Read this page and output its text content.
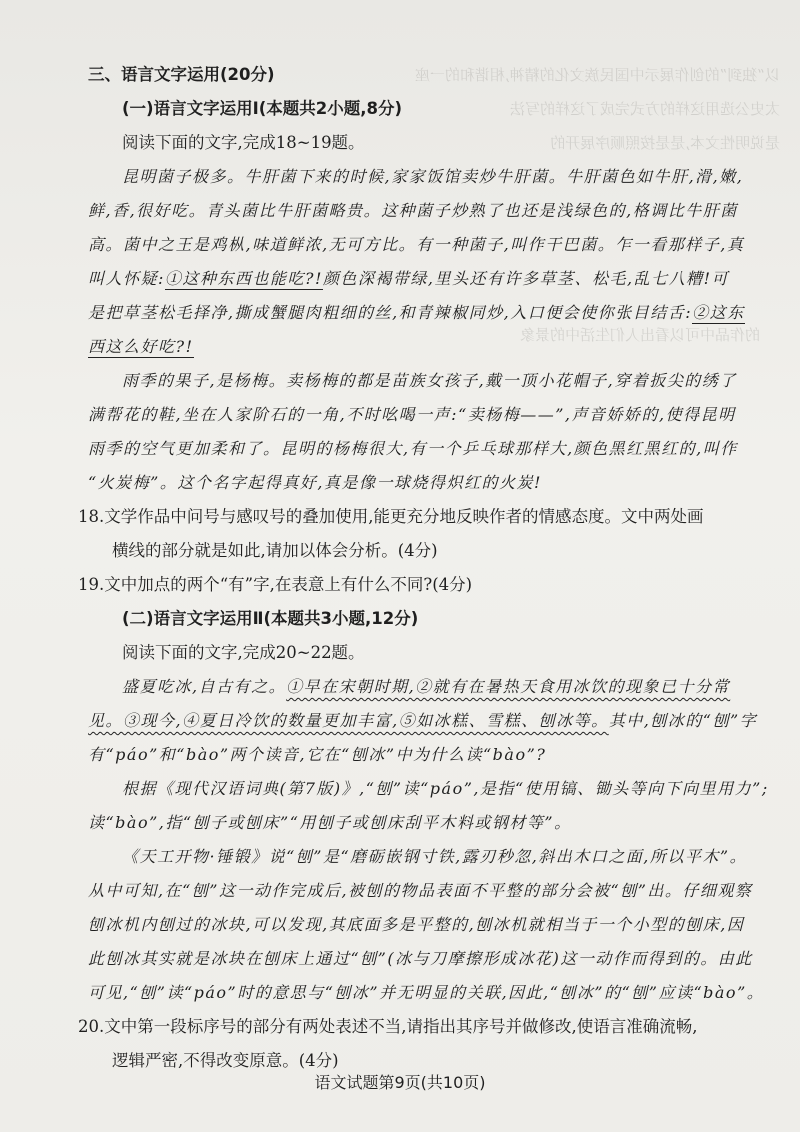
以“独到”的创作展示中国民族文化的精神,相谐和的一座
太史公选用这样的方式完成了这样的写法
是说明性文本,是是按照顺序展开的
的作品中可以看出人们生活中的景象
三、语言文字运用(20分)
(一)语言文字运用Ⅰ(本题共2小题,8分)
阅读下面的文字,完成18~19题。
昆明菌子极多。牛肝菌下来的时候,家家饭馆卖炒牛肝菌。牛肝菌色如牛肝,滑,嫩,
鲜,香,很好吃。青头菌比牛肝菌略贵。这种菌子炒熟了也还是浅绿色的,格调比牛肝菌
高。菌中之王是鸡枞,味道鲜浓,无可方比。有一种菌子,叫作干巴菌。乍一看那样子,真
叫人怀疑:①这种东西也能吃?!颜色深褐带绿,里头还有许多草茎、松毛,乱七八糟!可
是把草茎松毛择净,撕成蟹腿肉粗细的丝,和青辣椒同炒,入口便会使你张目结舌:②这东
西这么好吃?!
雨季的果子,是杨梅。卖杨梅的都是苗族女孩子,戴一顶小花帽子,穿着扳尖的绣了
满帮花的鞋,坐在人家阶石的一角,不时吆喝一声:“卖杨梅——”,声音娇娇的,使得昆明
雨季的空气更加柔和了。昆明的杨梅很大,有一个乒乓球那样大,颜色黑红黑红的,叫作
“火炭梅”。这个名字起得真好,真是像一球烧得炽红的火炭!
18.文学作品中问号与感叹号的叠加使用,能更充分地反映作者的情感态度。文中两处画
横线的部分就是如此,请加以体会分析。(4分)
19.文中加点的两个“有”字,在表意上有什么不同?(4分)
(二)语言文字运用Ⅱ(本题共3小题,12分)
阅读下面的文字,完成20~22题。
盛夏吃冰,自古有之。①早在宋朝时期,②就有在暑热天食用冰饮的现象已十分常
见。③现今,④夏日冷饮的数量更加丰富,⑤如冰糕、雪糕、刨冰等。其中,刨冰的“刨”字
有“páo”和“bào”两个读音,它在“刨冰”中为什么读“bào”?
根据《现代汉语词典(第7版)》,“刨”读“páo”,是指“使用镐、锄头等向下向里用力”;
读“bào”,指“刨子或刨床”“用刨子或刨床刮平木料或钢材等”。
《天工开物·锤锻》说“刨”是“磨砺嵌钢寸铁,露刃秒忽,斜出木口之面,所以平木”。
从中可知,在“刨”这一动作完成后,被刨的物品表面不平整的部分会被“刨”出。仔细观察
刨冰机内刨过的冰块,可以发现,其底面多是平整的,刨冰机就相当于一个小型的刨床,因
此刨冰其实就是冰块在刨床上通过“刨”(冰与刀摩擦形成冰花)这一动作而得到的。由此
可见,“刨”读“páo”时的意思与“刨冰”并无明显的关联,因此,“刨冰”的“刨”应读“bào”。
20.文中第一段标序号的部分有两处表述不当,请指出其序号并做修改,使语言准确流畅,
逻辑严密,不得改变原意。(4分)
语文试题第9页(共10页)
